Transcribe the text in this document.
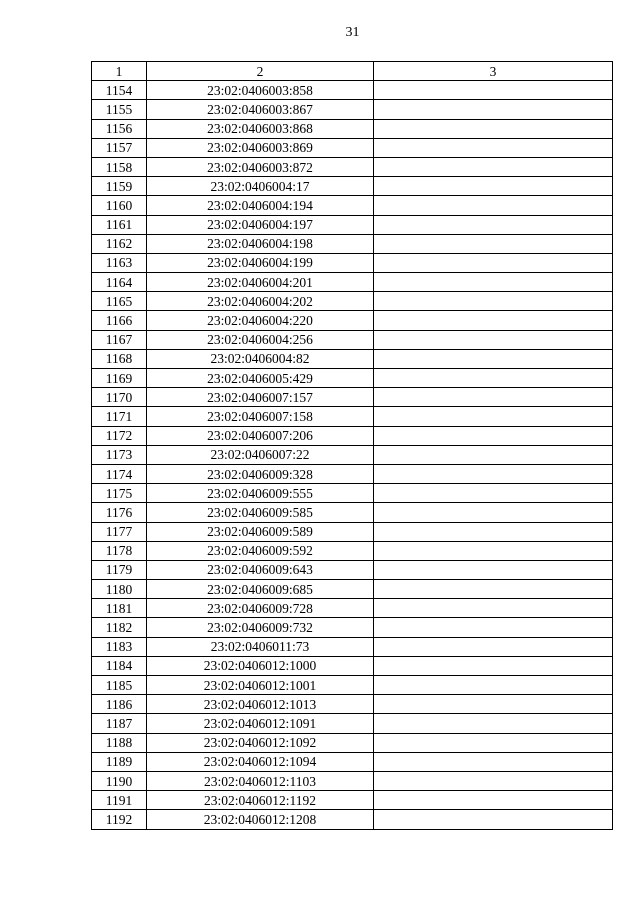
31
1	2	3
1154	23:02:0406003:858	
1155	23:02:0406003:867	
1156	23:02:0406003:868	
1157	23:02:0406003:869	
1158	23:02:0406003:872	
1159	23:02:0406004:17	
1160	23:02:0406004:194	
1161	23:02:0406004:197	
1162	23:02:0406004:198	
1163	23:02:0406004:199	
1164	23:02:0406004:201	
1165	23:02:0406004:202	
1166	23:02:0406004:220	
1167	23:02:0406004:256	
1168	23:02:0406004:82	
1169	23:02:0406005:429	
1170	23:02:0406007:157	
1171	23:02:0406007:158	
1172	23:02:0406007:206	
1173	23:02:0406007:22	
1174	23:02:0406009:328	
1175	23:02:0406009:555	
1176	23:02:0406009:585	
1177	23:02:0406009:589	
1178	23:02:0406009:592	
1179	23:02:0406009:643	
1180	23:02:0406009:685	
1181	23:02:0406009:728	
1182	23:02:0406009:732	
1183	23:02:0406011:73	
1184	23:02:0406012:1000	
1185	23:02:0406012:1001	
1186	23:02:0406012:1013	
1187	23:02:0406012:1091	
1188	23:02:0406012:1092	
1189	23:02:0406012:1094	
1190	23:02:0406012:1103	
1191	23:02:0406012:1192	
1192	23:02:0406012:1208	
